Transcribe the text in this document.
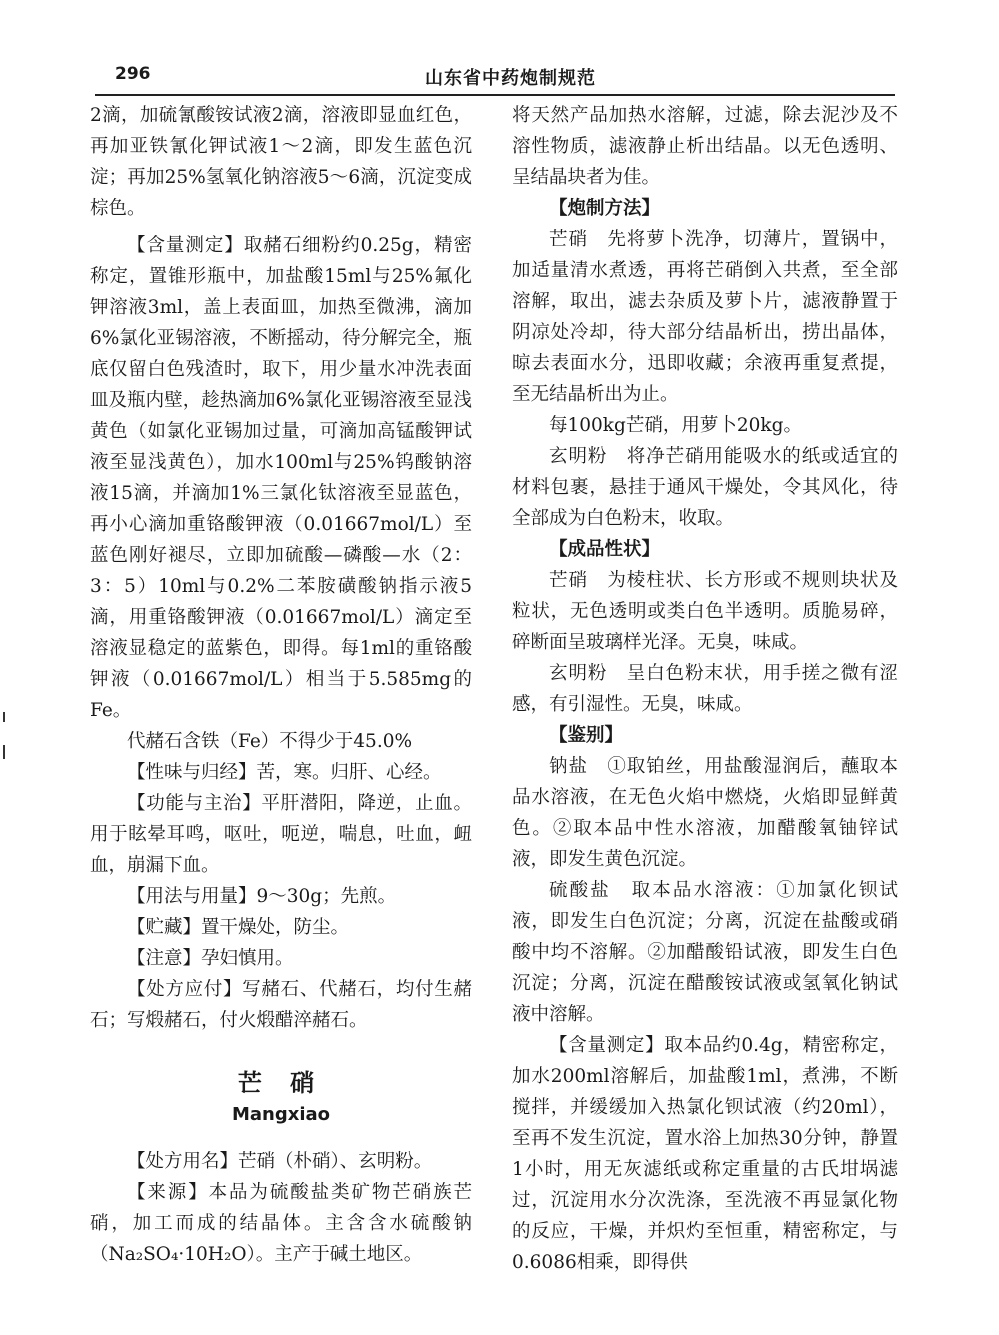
296	山东省中药炮制规范

2滴，加硫氰酸铵试液2滴，溶液即显血红色，再加亚铁氰化钾试液1～2滴，即发生蓝色沉淀；再加25%氢氧化钠溶液5～6滴，沉淀变成棕色。

【含量测定】取赭石细粉约0.25g，精密称定，置锥形瓶中，加盐酸15ml与25%氟化钾溶液3ml，盖上表面皿，加热至微沸，滴加6%氯化亚锡溶液，不断摇动，待分解完全，瓶底仅留白色残渣时，取下，用少量水冲洗表面皿及瓶内壁，趁热滴加6%氯化亚锡溶液至显浅黄色（如氯化亚锡加过量，可滴加高锰酸钾试液至显浅黄色），加水100ml与25%钨酸钠溶液15滴，并滴加1%三氯化钛溶液至显蓝色，再小心滴加重铬酸钾液（0.01667mol/L）至蓝色刚好褪尽，立即加硫酸—磷酸—水（2：3：5）10ml与0.2%二苯胺磺酸钠指示液5滴，用重铬酸钾液（0.01667mol/L）滴定至溶液显稳定的蓝紫色，即得。每1ml的重铬酸钾液（0.01667mol/L）相当于5.585mg的Fe。

代赭石含铁（Fe）不得少于45.0%

【性味与归经】苦，寒。归肝、心经。

【功能与主治】平肝潜阳，降逆，止血。用于眩晕耳鸣，呕吐，呃逆，喘息，吐血，衄血，崩漏下血。

【用法与用量】9～30g；先煎。

【贮藏】置干燥处，防尘。

【注意】孕妇慎用。

【处方应付】写赭石、代赭石，均付生赭石；写煅赭石，付火煅醋淬赭石。

芒 硝
Mangxiao

【处方用名】芒硝（朴硝）、玄明粉。

【来源】本品为硫酸盐类矿物芒硝族芒硝，加工而成的结晶体。主含含水硫酸钠（Na₂SO₄·10H₂O）。主产于碱土地区。

将天然产品加热水溶解，过滤，除去泥沙及不溶性物质，滤液静止析出结晶。以无色透明、呈结晶块者为佳。

【炮制方法】

芒硝　先将萝卜洗净，切薄片，置锅中，加适量清水煮透，再将芒硝倒入共煮，至全部溶解，取出，滤去杂质及萝卜片，滤液静置于阴凉处冷却，待大部分结晶析出，捞出晶体，晾去表面水分，迅即收藏；余液再重复煮提，至无结晶析出为止。

每100kg芒硝，用萝卜20kg。

玄明粉　将净芒硝用能吸水的纸或适宜的材料包裹，悬挂于通风干燥处，令其风化，待全部成为白色粉末，收取。

【成品性状】

芒硝　为棱柱状、长方形或不规则块状及粒状，无色透明或类白色半透明。质脆易碎，碎断面呈玻璃样光泽。无臭，味咸。

玄明粉　呈白色粉末状，用手搓之微有涩感，有引湿性。无臭，味咸。

【鉴别】

钠盐　①取铂丝，用盐酸湿润后，蘸取本品水溶液，在无色火焰中燃烧，火焰即显鲜黄色。②取本品中性水溶液，加醋酸氧铀锌试液，即发生黄色沉淀。

硫酸盐　取本品水溶液：①加氯化钡试液，即发生白色沉淀；分离，沉淀在盐酸或硝酸中均不溶解。②加醋酸铅试液，即发生白色沉淀；分离，沉淀在醋酸铵试液或氢氧化钠试液中溶解。

【含量测定】取本品约0.4g，精密称定，加水200ml溶解后，加盐酸1ml，煮沸，不断搅拌，并缓缓加入热氯化钡试液（约20ml），至再不发生沉淀，置水浴上加热30分钟，静置1小时，用无灰滤纸或称定重量的古氏坩埚滤过，沉淀用水分次洗涤，至洗液不再显氯化物的反应，干燥，并炽灼至恒重，精密称定，与0.6086相乘，即得供
